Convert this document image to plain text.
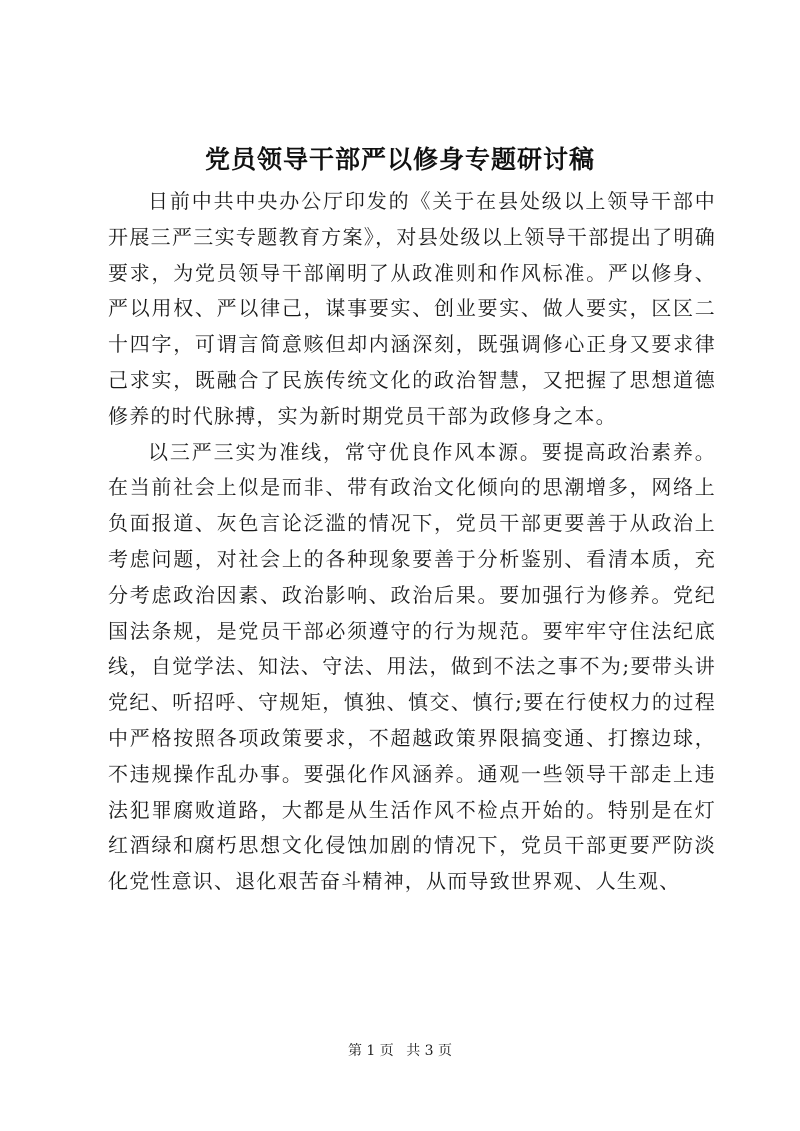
党员领导干部严以修身专题研讨稿

日前中共中央办公厅印发的《关于在县处级以上领导干部中开展三严三实专题教育方案》，对县处级以上领导干部提出了明确要求，为党员领导干部阐明了从政准则和作风标准。严以修身、严以用权、严以律己，谋事要实、创业要实、做人要实，区区二十四字，可谓言简意赅但却内涵深刻，既强调修心正身又要求律己求实，既融合了民族传统文化的政治智慧，又把握了思想道德修养的时代脉搏，实为新时期党员干部为政修身之本。

以三严三实为准线，常守优良作风本源。要提高政治素养。在当前社会上似是而非、带有政治文化倾向的思潮增多，网络上负面报道、灰色言论泛滥的情况下，党员干部更要善于从政治上考虑问题，对社会上的各种现象要善于分析鉴别、看清本质，充分考虑政治因素、政治影响、政治后果。要加强行为修养。党纪国法条规，是党员干部必须遵守的行为规范。要牢牢守住法纪底线，自觉学法、知法、守法、用法，做到不法之事不为;要带头讲党纪、听招呼、守规矩，慎独、慎交、慎行;要在行使权力的过程中严格按照各项政策要求，不超越政策界限搞变通、打擦边球，不违规操作乱办事。要强化作风涵养。通观一些领导干部走上违法犯罪腐败道路，大都是从生活作风不检点开始的。特别是在灯红酒绿和腐朽思想文化侵蚀加剧的情况下，党员干部更要严防淡化党性意识、退化艰苦奋斗精神，从而导致世界观、人生观、

第 1 页 共 3 页
